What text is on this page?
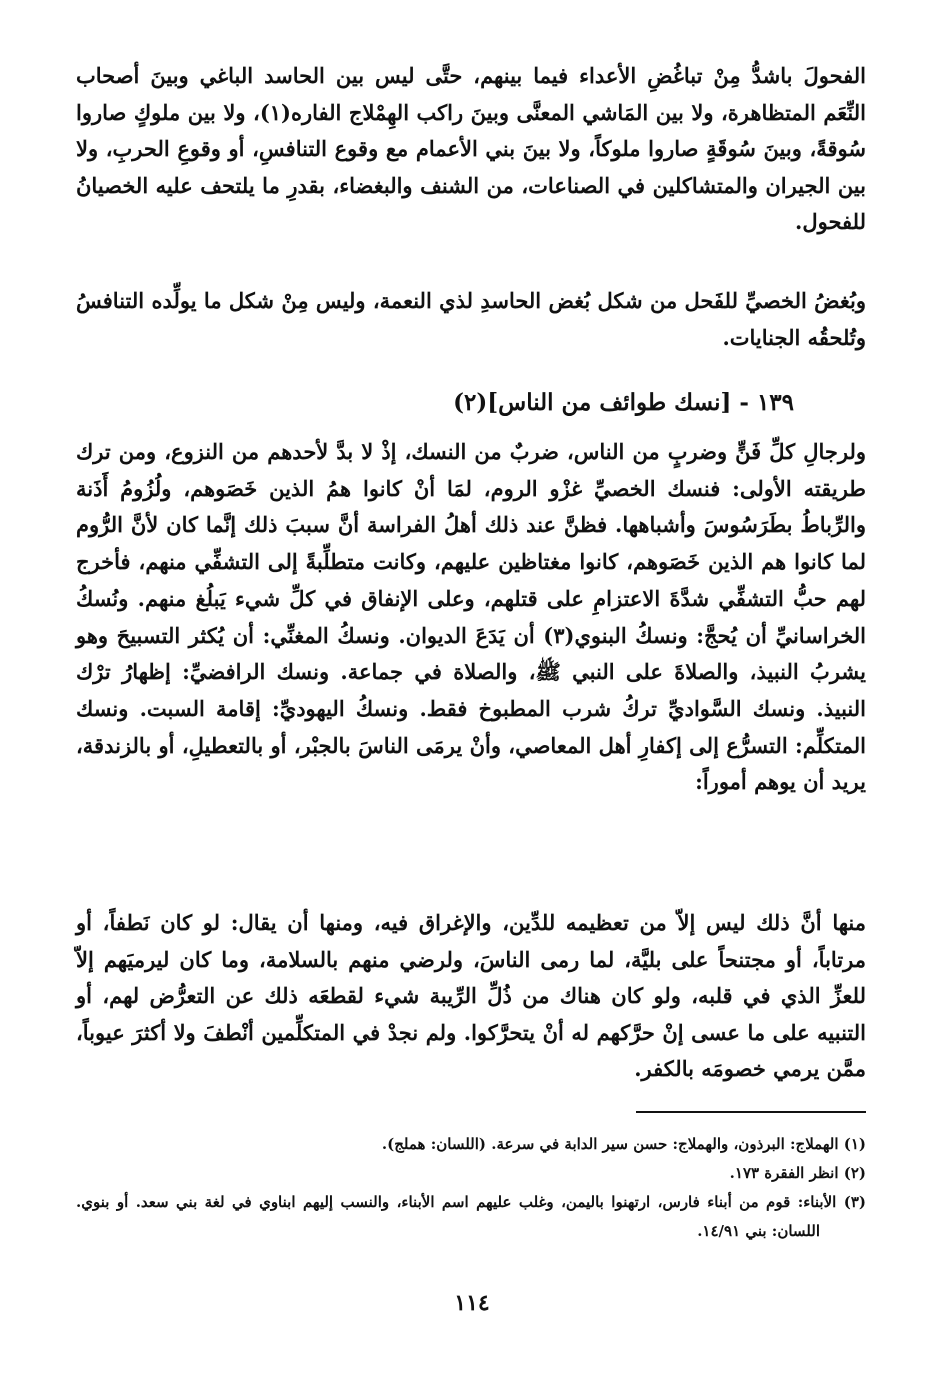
الفحولَ باشدُّ مِنْ تباغُضِ الأعداء فيما بينهم، حتَّى ليس بين الحاسد الباغي وبينَ أصحاب النِّعَم المتظاهرة، ولا بين المَاشي المعنَّى وبينَ راكب الهِمْلاج الفاره(١)، ولا بين ملوكٍ صاروا سُوقةً، وبينَ سُوقَةٍ صاروا ملوكاً، ولا بينَ بني الأعمام مع وقوع التنافسِ، أو وقوعِ الحربِ، ولا بين الجيران والمتشاكلين في الصناعات، من الشنف والبغضاء، بقدرِ ما يلتحف عليه الخصيانُ للفحول.

وبُغضُ الخصيِّ للفَحل من شكل بُغض الحاسدِ لذي النعمة، وليس مِنْ شكل ما يولِّده التنافسُ وتُلحقُه الجنايات.

١٣٩ - [نسك طوائف من الناس](٢)

ولرجالِ كلِّ فَنٍّ وضربٍ من الناس، ضربٌ من النسك، إذْ لا بدَّ لأحدهم من النزوع، ومن ترك طريقته الأولى: فنسك الخصيِّ غزْو الروم، لمَا أنْ كانوا همُ الذين خَصَوهم، ولُزُومُ أَذَنة والرِّباطُ بطَرَسُوسَ وأشباهها. فظنَّ عند ذلك أهلُ الفراسة أنَّ سببَ ذلك إنَّما كان لأنَّ الرُّوم لما كانوا هم الذين خَصَوهم، كانوا مغتاظين عليهم، وكانت متطلِّبةً إلى التشفِّي منهم، فأخرج لهم حبُّ التشفِّي شدَّةَ الاعتزامِ على قتلهم، وعلى الإنفاق في كلِّ شيء يَبلُغ منهم. ونُسكُ الخراسانيِّ أن يُحجَّ: ونسكُ البنوي(٣) أن يَدَعَ الديوان. ونسكُ المغنِّي: أن يُكثر التسبيحَ وهو يشربُ النبيذ، والصلاةَ على النبي ﷺ، والصلاة في جماعة. ونسك الرافضيِّ: إظهارُ ترْك النبيذ. ونسك السَّواديِّ تركُ شرب المطبوخ فقط. ونسكُ اليهوديِّ: إقامة السبت. ونسك المتكلِّم: التسرُّع إلى إكفارِ أهل المعاصي، وأنْ يرمَى الناسَ بالجبْر، أو بالتعطيلِ، أو بالزندقة، يريد أن يوهم أموراً:

منها أنَّ ذلك ليس إلاّ من تعظيمه للدِّين، والإغراق فيه، ومنها أن يقال: لو كان نَطفاً، أو مرتاباً، أو مجتنحاً على بليَّة، لما رمى الناسَ، ولرضي منهم بالسلامة، وما كان ليرميَهم إلاّ للعزِّ الذي في قلبه، ولو كان هناك من ذُلِّ الرِّيبة شيء لقطعَه ذلك عن التعرُّض لهم، أو التنبيه على ما عسى إنْ حرَّكهم له أنْ يتحرَّكوا. ولم نجدْ في المتكلِّمين أنْطفَ ولا أكثرَ عيوباً، ممَّن يرمي خصومَه بالكفر.

(١) الهملاج: البرذون، والهملاج: حسن سير الدابة في سرعة. (اللسان: هملج).

(٢) انظر الفقرة ١٧٣.

(٣) الأبناء: قوم من أبناء فارس، ارتهنوا باليمن، وغلب عليهم اسم الأبناء، والنسب إليهم ابناوي في لغة بني سعد. أو بنوي. اللسان: بني ١٤/٩١.

١١٤
